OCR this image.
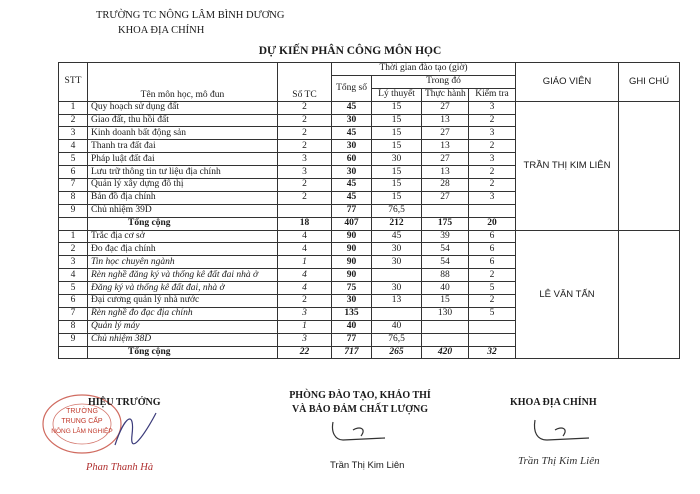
TRƯỜNG TC NÔNG LÂM BÌNH DƯƠNG
KHOA ĐỊA CHÍNH
DỰ KIẾN PHÂN CÔNG MÔN HỌC
STT	Tên môn học, mô đun	Số TC	Thời gian đào tạo (giờ)				GIÁO VIÊN	GHI CHÚ
			Tổng số	Trong đó				
				Lý thuyết	Thực hành	Kiểm tra		
1	Quy hoạch sử dụng đất	2	45	15	27	3	TRẦN THỊ KIM LIÊN	
2	Giao đất, thu hồi đất	2	30	15	13	2		
3	Kinh doanh bất động sản	2	45	15	27	3		
4	Thanh tra đất đai	2	30	15	13	2		
5	Pháp luật đất đai	3	60	30	27	3		
6	Lưu trữ thông tin tư liệu địa chính	3	30	15	13	2		
7	Quản lý xây dựng đô thị	2	45	15	28	2		
8	Bản đồ địa chính	2	45	15	27	3		
9	Chủ nhiệm 39D		77	76,5				
	Tổng cộng	18	407	212	175	20		
1	Trắc địa cơ sở	4	90	45	39	6	LÊ VĂN TẤN	
2	Đo đạc địa chính	4	90	30	54	6		
3	Tin học chuyên ngành	1	90	30	54	6		
4	Rèn nghề đăng ký và thống kê đất đai nhà ở	4	90		88	2		
5	Đăng ký và thống kê đất đai, nhà ở	4	75	30	40	5		
6	Đại cương quản lý nhà nước	2	30	13	15	2		
7	Rèn nghề đo đạc địa chính	3	135		130	5		
8	Quản lý máy	1	40	40				
9	Chủ nhiệm 38D	3	77	76,5				
	Tổng cộng	22	717	265	420	32		
TRƯỜNG
TRUNG CẤP
NÔNG LÂM NGHIỆP
HIỆU TRƯỞNG
PHÒNG ĐÀO TẠO, KHẢO THÍ
VÀ BẢO ĐẢM CHẤT LƯỢNG
KHOA ĐỊA CHÍNH
Phan Thanh Hà	Trần Thị Kim Liên	Trần Thị Kim Liên
